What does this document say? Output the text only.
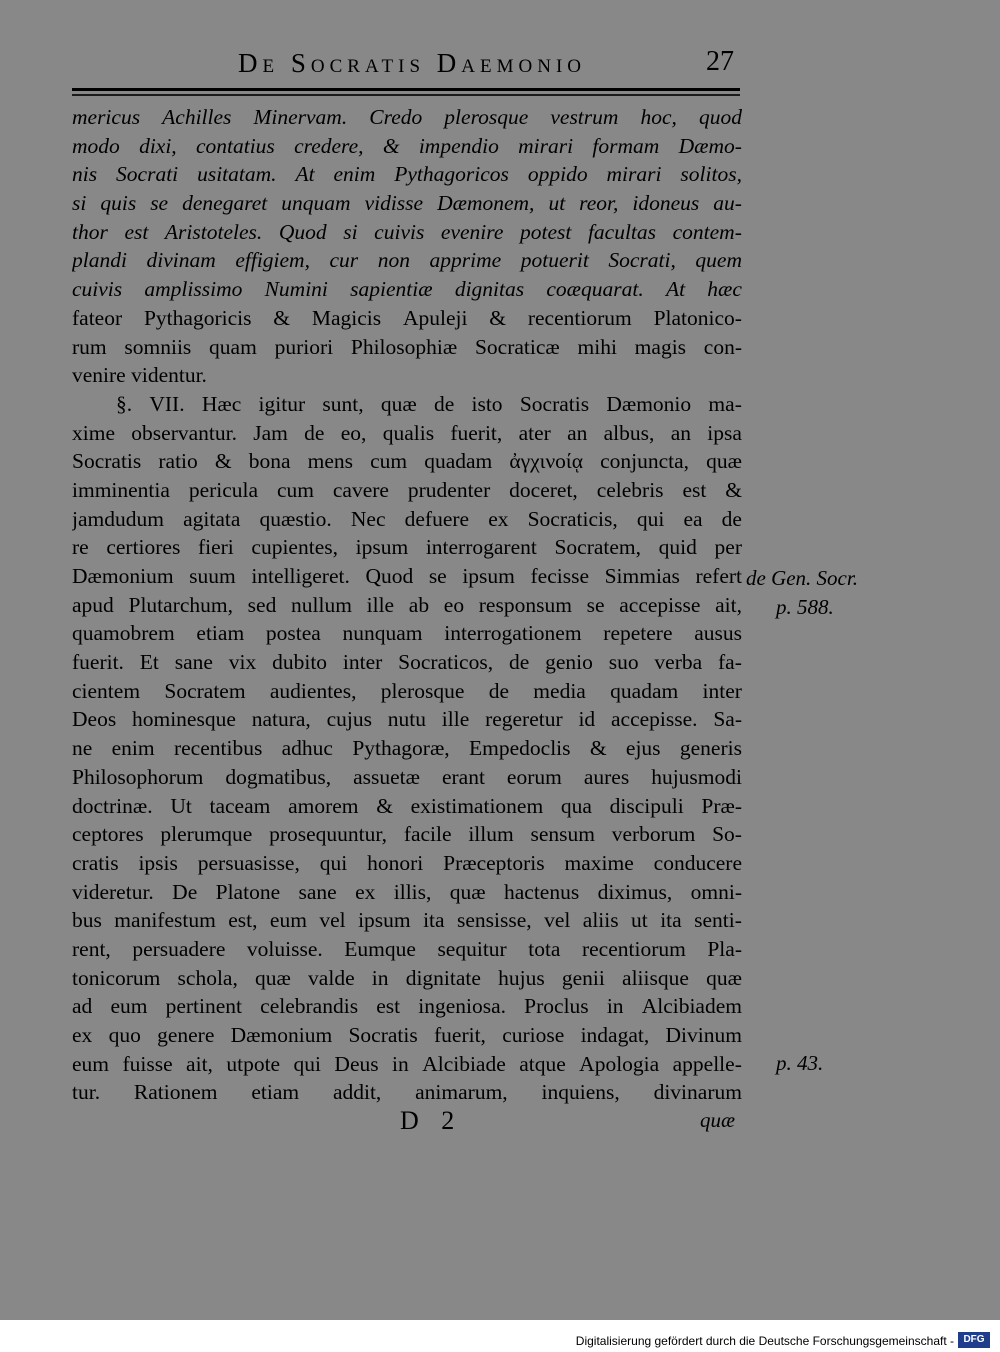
De Socratis Daemonio	27
mericus Achilles Minervam. Credo plerosque vestrum hoc, quod
modo dixi, contatius credere, & impendio mirari formam Dæmo-
nis Socrati usitatam. At enim Pythagoricos oppido mirari solitos,
si quis se denegaret unquam vidisse Dæmonem, ut reor, idoneus au-
thor est Aristoteles. Quod si cuivis evenire potest facultas contem-
plandi divinam effigiem, cur non apprime potuerit Socrati, quem
cuivis amplissimo Numini sapientiæ dignitas coæquarat. At hæc
fateor Pythagoricis & Magicis Apuleji & recentiorum Platonico-
rum somniis quam puriori Philosophiæ Socraticæ mihi magis con-
venire videntur.
§. VII. Hæc igitur sunt, quæ de isto Socratis Dæmonio ma-
xime observantur. Jam de eo, qualis fuerit, ater an albus, an ipsa
Socratis ratio & bona mens cum quadam ἀγχινοίᾳ conjuncta, quæ
imminentia pericula cum cavere prudenter doceret, celebris est &
jamdudum agitata quæstio. Nec defuere ex Socraticis, qui ea de
re certiores fieri cupientes, ipsum interrogarent Socratem, quid per
Dæmonium suum intelligeret. Quod se ipsum fecisse Simmias refert
apud Plutarchum, sed nullum ille ab eo responsum se accepisse ait,
quamobrem etiam postea nunquam interrogationem repetere ausus
fuerit. Et sane vix dubito inter Socraticos, de genio suo verba fa-
cientem Socratem audientes, plerosque de media quadam inter
Deos hominesque natura, cujus nutu ille regeretur id accepisse. Sa-
ne enim recentibus adhuc Pythagoræ, Empedoclis & ejus generis
Philosophorum dogmatibus, assuetæ erant eorum aures hujusmodi
doctrinæ. Ut taceam amorem & existimationem qua discipuli Præ-
ceptores plerumque prosequuntur, facile illum sensum verborum So-
cratis ipsis persuasisse, qui honori Præceptoris maxime conducere
videretur. De Platone sane ex illis, quæ hactenus diximus, omni-
bus manifestum est, eum vel ipsum ita sensisse, vel aliis ut ita senti-
rent, persuadere voluisse. Eumque sequitur tota recentiorum Pla-
tonicorum schola, quæ valde in dignitate hujus genii aliisque quæ
ad eum pertinent celebrandis est ingeniosa. Proclus in Alcibiadem
ex quo genere Dæmonium Socratis fuerit, curiose indagat, Divinum
eum fuisse ait, utpote qui Deus in Alcibiade atque Apologia appelle-
tur. Rationem etiam addit, animarum, inquiens, divinarum
de Gen. Socr.
p. 588.
p. 43.
D 2	quæ
Digitalisierung gefördert durch die Deutsche Forschungsgemeinschaft - DFG
